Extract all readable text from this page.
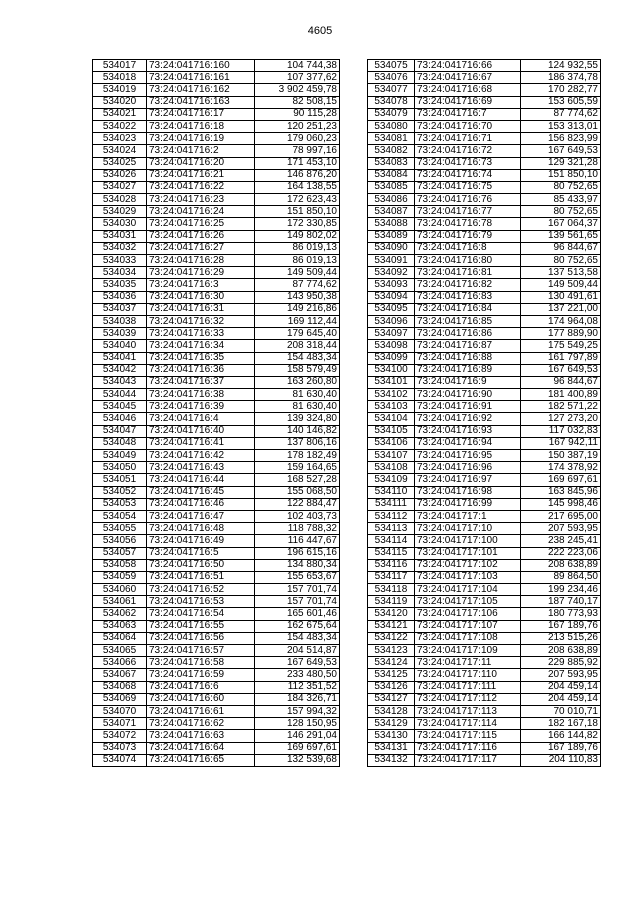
4605
534017	73:24:041716:160	104 744,38
534018	73:24:041716:161	107 377,62
534019	73:24:041716:162	3 902 459,78
534020	73:24:041716:163	82 508,15
534021	73:24:041716:17	90 115,28
534022	73:24:041716:18	120 251,23
534023	73:24:041716:19	179 060,23
534024	73:24:041716:2	78 997,16
534025	73:24:041716:20	171 453,10
534026	73:24:041716:21	146 876,20
534027	73:24:041716:22	164 138,55
534028	73:24:041716:23	172 623,43
534029	73:24:041716:24	151 850,10
534030	73:24:041716:25	172 330,85
534031	73:24:041716:26	149 802,02
534032	73:24:041716:27	86 019,13
534033	73:24:041716:28	86 019,13
534034	73:24:041716:29	149 509,44
534035	73:24:041716:3	87 774,62
534036	73:24:041716:30	143 950,38
534037	73:24:041716:31	149 216,86
534038	73:24:041716:32	169 112,44
534039	73:24:041716:33	179 645,40
534040	73:24:041716:34	208 318,44
534041	73:24:041716:35	154 483,34
534042	73:24:041716:36	158 579,49
534043	73:24:041716:37	163 260,80
534044	73:24:041716:38	81 630,40
534045	73:24:041716:39	81 630,40
534046	73:24:041716:4	139 324,80
534047	73:24:041716:40	140 146,82
534048	73:24:041716:41	137 806,16
534049	73:24:041716:42	178 182,49
534050	73:24:041716:43	159 164,65
534051	73:24:041716:44	168 527,28
534052	73:24:041716:45	155 068,50
534053	73:24:041716:46	122 884,47
534054	73:24:041716:47	102 403,73
534055	73:24:041716:48	118 788,32
534056	73:24:041716:49	116 447,67
534057	73:24:041716:5	196 615,16
534058	73:24:041716:50	134 880,34
534059	73:24:041716:51	155 653,67
534060	73:24:041716:52	157 701,74
534061	73:24:041716:53	157 701,74
534062	73:24:041716:54	165 601,46
534063	73:24:041716:55	162 675,64
534064	73:24:041716:56	154 483,34
534065	73:24:041716:57	204 514,87
534066	73:24:041716:58	167 649,53
534067	73:24:041716:59	233 480,50
534068	73:24:041716:6	112 351,52
534069	73:24:041716:60	184 326,71
534070	73:24:041716:61	157 994,32
534071	73:24:041716:62	128 150,95
534072	73:24:041716:63	146 291,04
534073	73:24:041716:64	169 697,61
534074	73:24:041716:65	132 539,68
534075	73:24:041716:66	124 932,55
534076	73:24:041716:67	186 374,78
534077	73:24:041716:68	170 282,77
534078	73:24:041716:69	153 605,59
534079	73:24:041716:7	87 774,62
534080	73:24:041716:70	153 313,01
534081	73:24:041716:71	156 823,99
534082	73:24:041716:72	167 649,53
534083	73:24:041716:73	129 321,28
534084	73:24:041716:74	151 850,10
534085	73:24:041716:75	80 752,65
534086	73:24:041716:76	85 433,97
534087	73:24:041716:77	80 752,65
534088	73:24:041716:78	167 064,37
534089	73:24:041716:79	139 561,65
534090	73:24:041716:8	96 844,67
534091	73:24:041716:80	80 752,65
534092	73:24:041716:81	137 513,58
534093	73:24:041716:82	149 509,44
534094	73:24:041716:83	130 491,61
534095	73:24:041716:84	137 221,00
534096	73:24:041716:85	174 964,08
534097	73:24:041716:86	177 889,90
534098	73:24:041716:87	175 549,25
534099	73:24:041716:88	161 797,89
534100	73:24:041716:89	167 649,53
534101	73:24:041716:9	96 844,67
534102	73:24:041716:90	181 400,89
534103	73:24:041716:91	182 571,22
534104	73:24:041716:92	127 273,20
534105	73:24:041716:93	117 032,83
534106	73:24:041716:94	167 942,11
534107	73:24:041716:95	150 387,19
534108	73:24:041716:96	174 378,92
534109	73:24:041716:97	169 697,61
534110	73:24:041716:98	163 845,96
534111	73:24:041716:99	145 998,46
534112	73:24:041717:1	217 695,00
534113	73:24:041717:10	207 593,95
534114	73:24:041717:100	238 245,41
534115	73:24:041717:101	222 223,06
534116	73:24:041717:102	208 638,89
534117	73:24:041717:103	89 864,50
534118	73:24:041717:104	199 234,46
534119	73:24:041717:105	187 740,17
534120	73:24:041717:106	180 773,93
534121	73:24:041717:107	167 189,76
534122	73:24:041717:108	213 515,26
534123	73:24:041717:109	208 638,89
534124	73:24:041717:11	229 885,92
534125	73:24:041717:110	207 593,95
534126	73:24:041717:111	204 459,14
534127	73:24:041717:112	204 459,14
534128	73:24:041717:113	70 010,71
534129	73:24:041717:114	182 167,18
534130	73:24:041717:115	166 144,82
534131	73:24:041717:116	167 189,76
534132	73:24:041717:117	204 110,83
